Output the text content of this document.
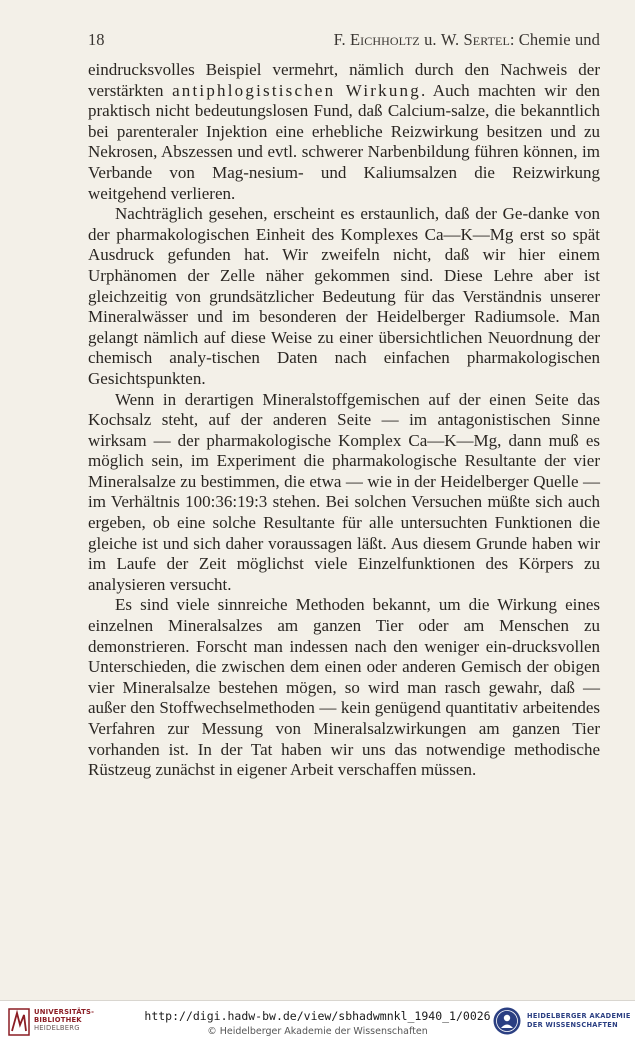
18	F. Eichholtz u. W. Sertel: Chemie und

eindrucksvolles Beispiel vermehrt, nämlich durch den Nachweis der verstärkten antiphlogistischen Wirkung. Auch machten wir den praktisch nicht bedeutungslosen Fund, daß Calcium-salze, die bekanntlich bei parenteraler Injektion eine erhebliche Reizwirkung besitzen und zu Nekrosen, Abszessen und evtl. schwerer Narbenbildung führen können, im Verbande von Mag-nesium- und Kaliumsalzen die Reizwirkung weitgehend verlieren.

Nachträglich gesehen, erscheint es erstaunlich, daß der Ge-danke von der pharmakologischen Einheit des Komplexes Ca—K—Mg erst so spät Ausdruck gefunden hat. Wir zweifeln nicht, daß wir hier einem Urphänomen der Zelle näher gekommen sind. Diese Lehre aber ist gleichzeitig von grundsätzlicher Bedeutung für das Verständnis unserer Mineralwässer und im besonderen der Heidelberger Radiumsole. Man gelangt nämlich auf diese Weise zu einer übersichtlichen Neuordnung der chemisch analy-tischen Daten nach einfachen pharmakologischen Gesichtspunkten.

Wenn in derartigen Mineralstoffgemischen auf der einen Seite das Kochsalz steht, auf der anderen Seite — im antagonistischen Sinne wirksam — der pharmakologische Komplex Ca—K—Mg, dann muß es möglich sein, im Experiment die pharmakologische Resultante der vier Mineralsalze zu bestimmen, die etwa — wie in der Heidelberger Quelle — im Verhältnis 100:36:19:3 stehen. Bei solchen Versuchen müßte sich auch ergeben, ob eine solche Resultante für alle untersuchten Funktionen die gleiche ist und sich daher voraussagen läßt. Aus diesem Grunde haben wir im Laufe der Zeit möglichst viele Einzelfunktionen des Körpers zu analysieren versucht.

Es sind viele sinnreiche Methoden bekannt, um die Wirkung eines einzelnen Mineralsalzes am ganzen Tier oder am Menschen zu demonstrieren. Forscht man indessen nach den weniger ein-drucksvollen Unterschieden, die zwischen dem einen oder anderen Gemisch der obigen vier Mineralsalze bestehen mögen, so wird man rasch gewahr, daß — außer den Stoffwechselmethoden — kein genügend quantitativ arbeitendes Verfahren zur Messung von Mineralsalzwirkungen am ganzen Tier vorhanden ist. In der Tat haben wir uns das notwendige methodische Rüstzeug zunächst in eigener Arbeit verschaffen müssen.

UNIVERSITÄTS-
BIBLIOTHEK
HEIDELBERG
http://digi.hadw-bw.de/view/sbhadwmnkl_1940_1/0026
© Heidelberger Akademie der Wissenschaften
HEIDELBERGER AKADEMIE
DER WISSENSCHAFTEN
